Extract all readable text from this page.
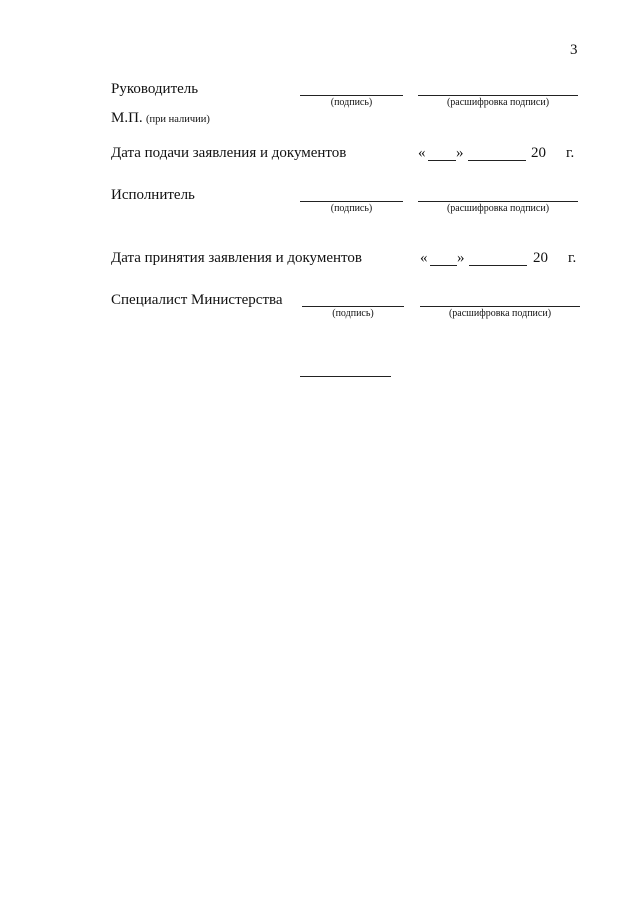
3
Руководитель
(подпись)	(расшифровка подписи)
М.П. (при наличии)
Дата подачи заявления и документов	« »	20 г.
Исполнитель
(подпись)	(расшифровка подписи)
Дата принятия заявления и документов	« »	20 г.
Специалист Министерства
(подпись)	(расшифровка подписи)
